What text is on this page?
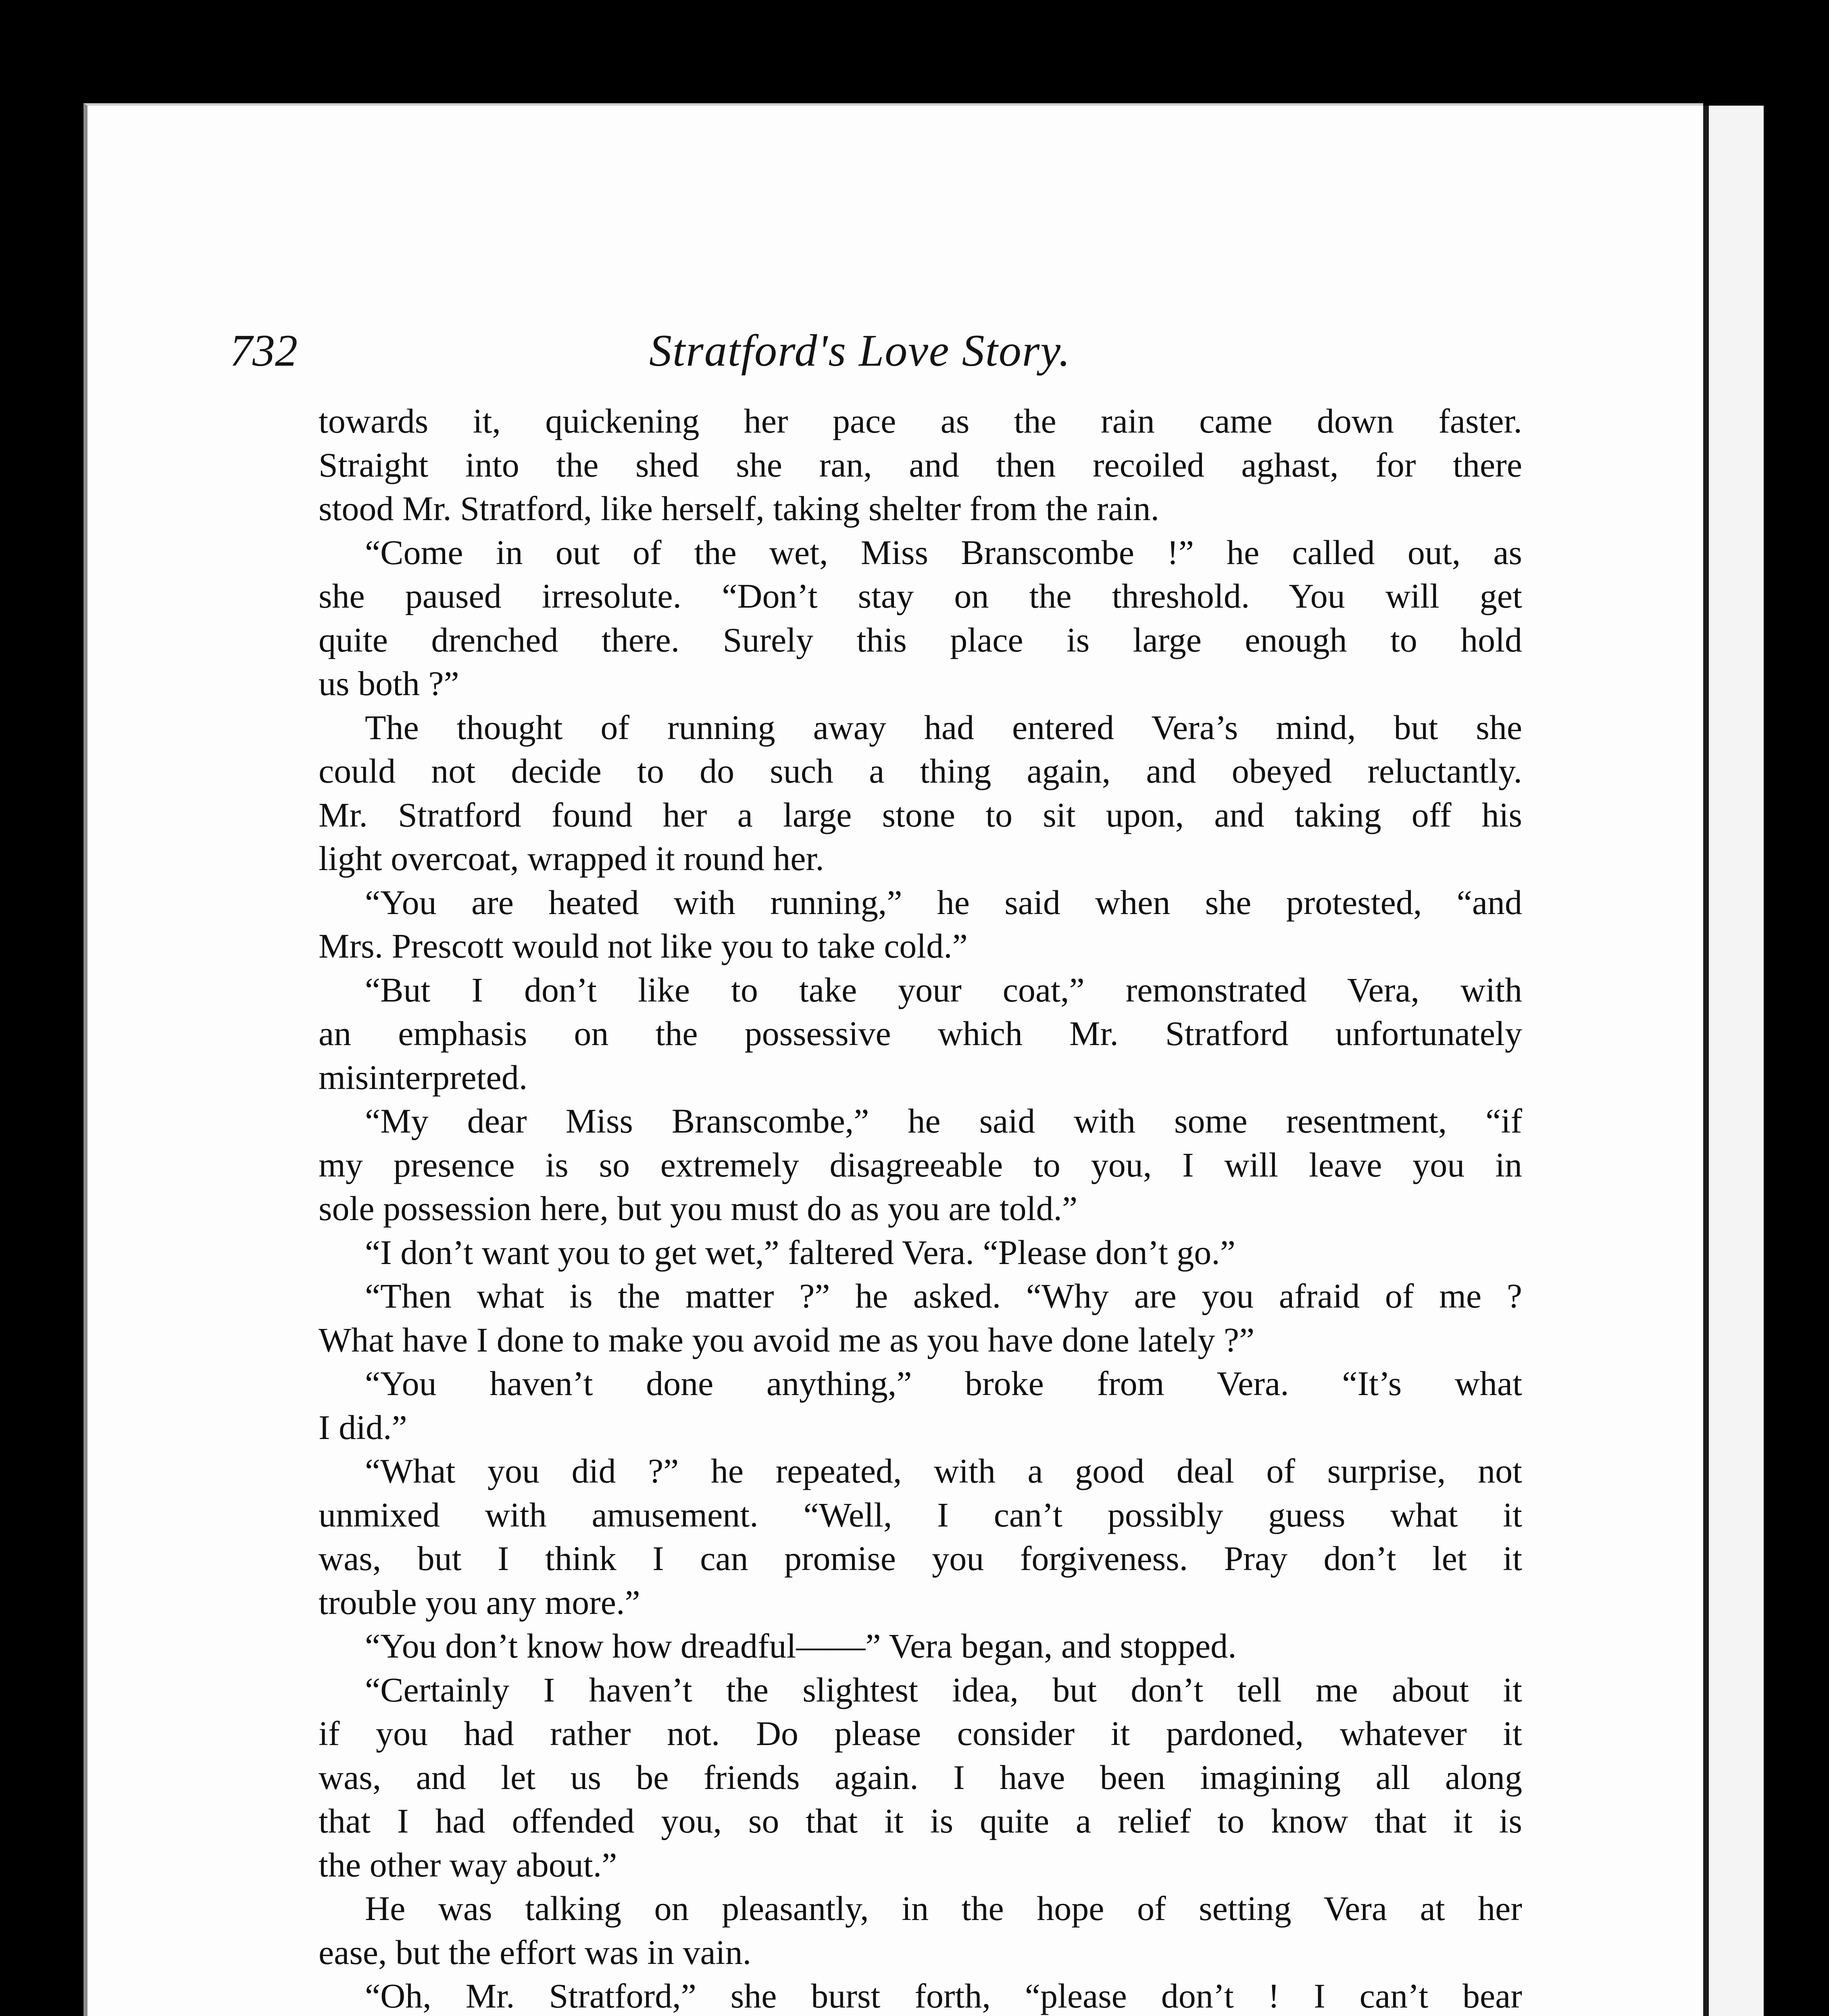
732	Stratford's Love Story.
towards it, quickening her pace as the rain came down faster.
Straight into the shed she ran, and then recoiled aghast, for there
stood Mr. Stratford, like herself, taking shelter from the rain.
“Come in out of the wet, Miss Branscombe !” he called out, as
she paused irresolute. “Don’t stay on the threshold. You will get
quite drenched there. Surely this place is large enough to hold
us both ?”
The thought of running away had entered Vera’s mind, but she
could not decide to do such a thing again, and obeyed reluctantly.
Mr. Stratford found her a large stone to sit upon, and taking off his
light overcoat, wrapped it round her.
“You are heated with running,” he said when she protested, “and
Mrs. Prescott would not like you to take cold.”
“But I don’t like to take your coat,” remonstrated Vera, with
an emphasis on the possessive which Mr. Stratford unfortunately
misinterpreted.
“My dear Miss Branscombe,” he said with some resentment, “if
my presence is so extremely disagreeable to you, I will leave you in
sole possession here, but you must do as you are told.”
“I don’t want you to get wet,” faltered Vera. “Please don’t go.”
“Then what is the matter ?” he asked. “Why are you afraid of me ?
What have I done to make you avoid me as you have done lately ?”
“You haven’t done anything,” broke from Vera. “It’s what
I did.”
“What you did ?” he repeated, with a good deal of surprise, not
unmixed with amusement. “Well, I can’t possibly guess what it
was, but I think I can promise you forgiveness. Pray don’t let it
trouble you any more.”
“You don’t know how dreadful——” Vera began, and stopped.
“Certainly I haven’t the slightest idea, but don’t tell me about it
if you had rather not. Do please consider it pardoned, whatever it
was, and let us be friends again. I have been imagining all along
that I had offended you, so that it is quite a relief to know that it is
the other way about.”
He was talking on pleasantly, in the hope of setting Vera at her
ease, but the effort was in vain.
“Oh, Mr. Stratford,” she burst forth, “please don’t ! I can’t bear
